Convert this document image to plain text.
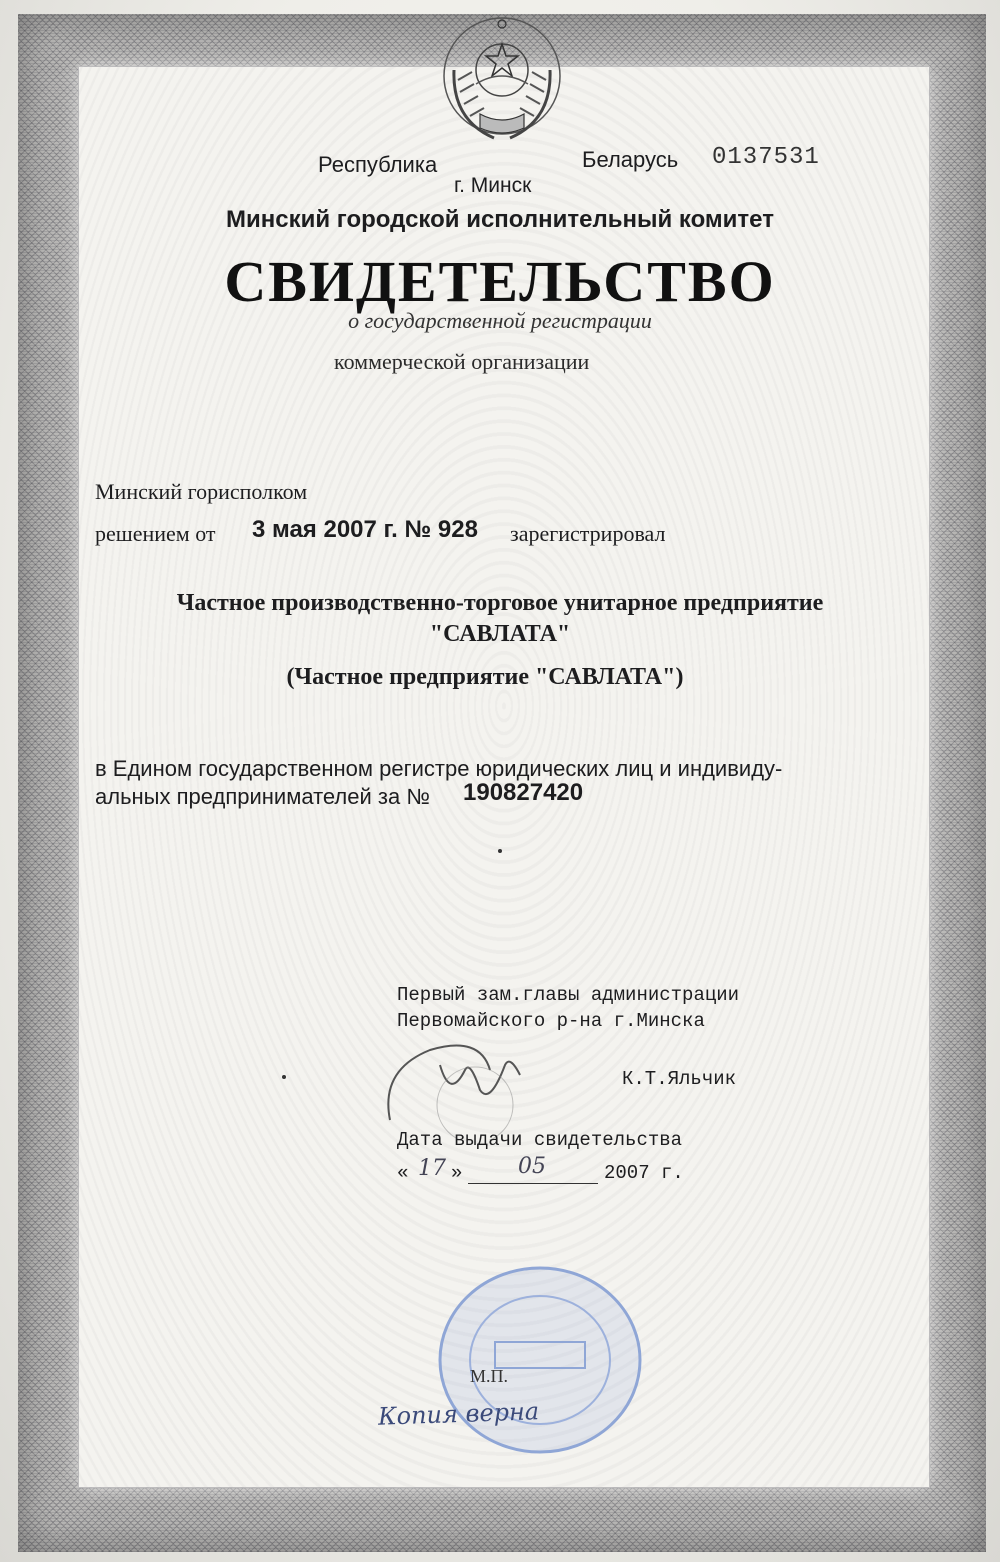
Республика	Беларусь 0137531
г. Минск
Минский городской исполнительный комитет
СВИДЕТЕЛЬСТВО
о государственной регистрации
коммерческой организации
Минский горисполком
решением от 3 мая 2007 г. № 928 зарегистрировал
Частное производственно-торговое унитарное предприятие
"САВЛАТА"
(Частное предприятие "САВЛАТА")
в Едином государственном регистре юридических лиц и индивиду-
альных предпринимателей за № 190827420
Первый зам.главы администрации
Первомайского р-на г.Минска
К.Т.Яльчик
Дата выдачи свидетельства
« 17 »	05	2007 г.
М.П.
Копия верна
